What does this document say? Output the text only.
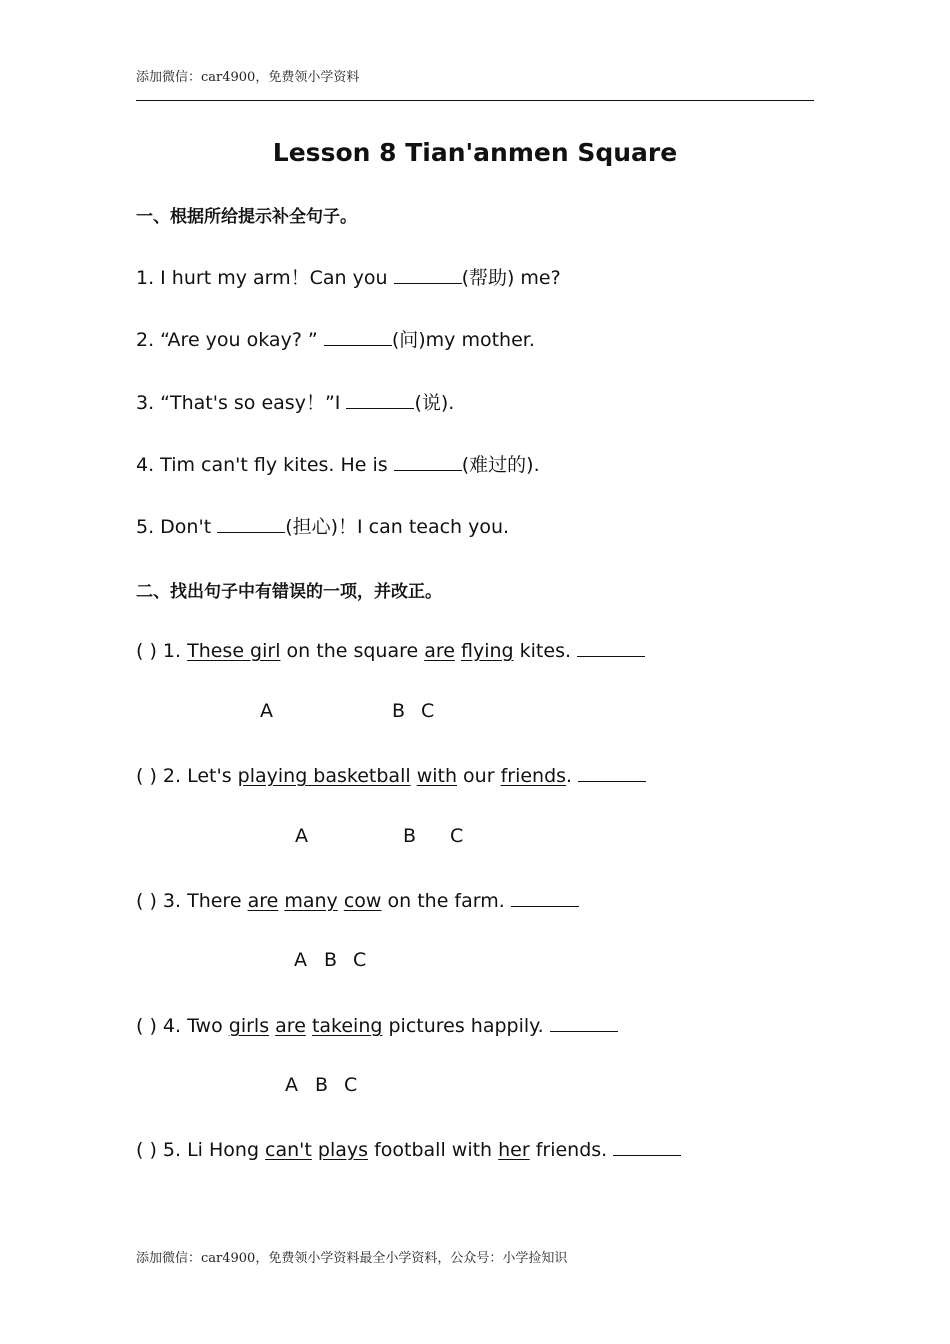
添加微信：car4900，免费领小学资料
Lesson 8 Tian'anmen Square
一、根据所给提示补全句子。
1. I hurt my arm！Can you	(帮助) me?
2. “Are you okay? ”	(问)my mother.
3. “That's so easy！”I	(说).
4. Tim can't fly kites. He is	(难过的).
5. Don't	(担心)！I can teach you.
二、找出句子中有错误的一项，并改正。
( ) 1. These girl on the square are flying kites.
A	B C
( ) 2. Let's playing basketball with our friends.
A	B C
( ) 3. There are many cow on the farm.
A B C
( ) 4. Two girls are takeing pictures happily.
A B C
( ) 5. Li Hong can't plays football with her friends.
添加微信：car4900，免费领小学资料最全小学资料，公众号：小学捡知识
